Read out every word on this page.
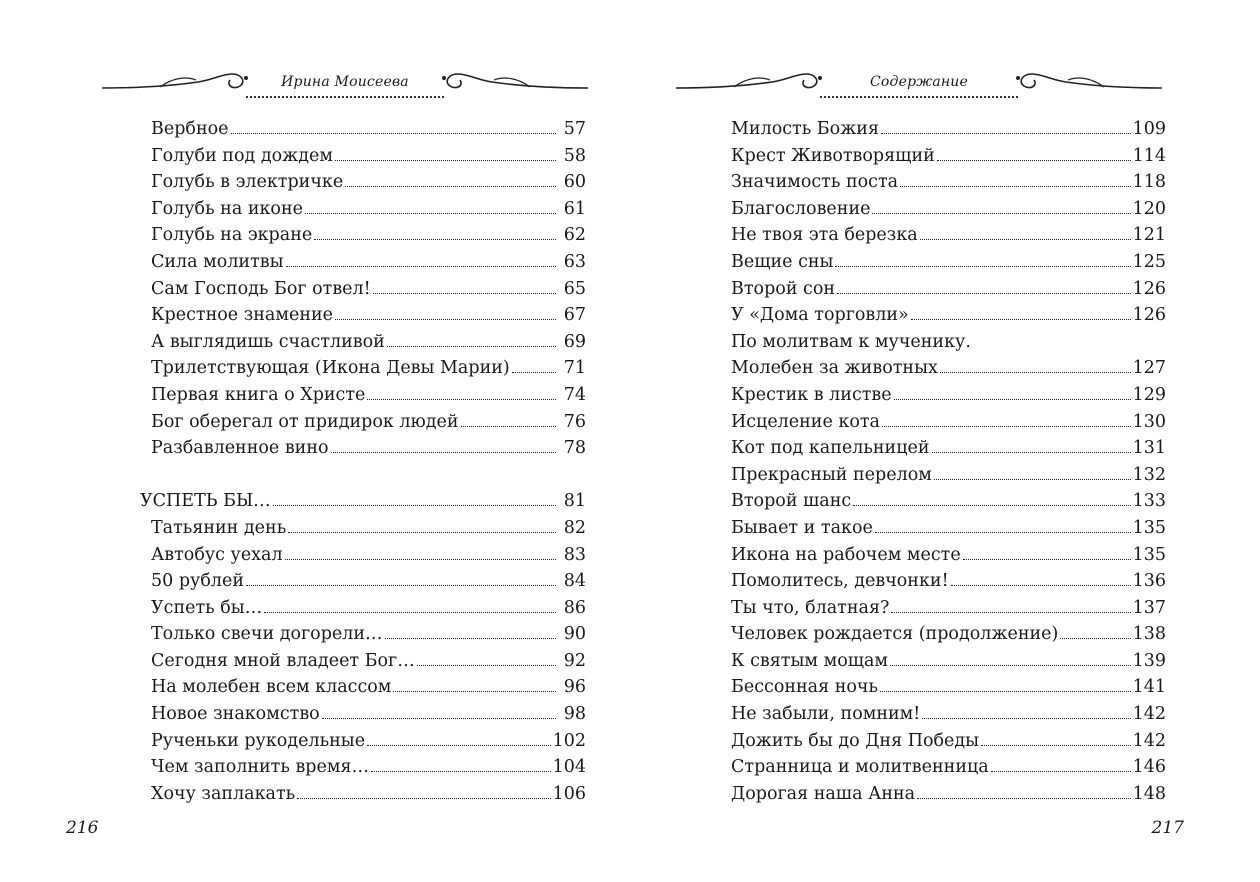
Ирина Моисеева
Вербное	57
Голуби под дождем	58
Голубь в электричке	60
Голубь на иконе	61
Голубь на экране	62
Сила молитвы	63
Сам Господь Бог отвел!	65
Крестное знамение	67
А выглядишь счастливой	69
Трилетствующая (Икона Девы Марии)	71
Первая книга о Христе	74
Бог оберегал от придирок людей	76
Разбавленное вино	78
УСПЕТЬ БЫ…	81
Татьянин день	82
Автобус уехал	83
50 рублей	84
Успеть бы…	86
Только свечи догорели…	90
Сегодня мной владеет Бог…	92
На молебен всем классом	96
Новое знакомство	98
Рученьки рукодельные	102
Чем заполнить время…	104
Хочу заплакать	106
216
Содержание
Милость Божия	109
Крест Животворящий	114
Значимость поста	118
Благословение	120
Не твоя эта березка	121
Вещие сны	125
Второй сон	126
У «Дома торговли»	126
По молитвам к мученику.
Молебен за животных	127
Крестик в листве	129
Исцеление кота	130
Кот под капельницей	131
Прекрасный перелом	132
Второй шанс	133
Бывает и такое	135
Икона на рабочем месте	135
Помолитесь, девчонки!	136
Ты что, блатная?	137
Человек рождается (продолжение)	138
К святым мощам	139
Бессонная ночь	141
Не забыли, помним!	142
Дожить бы до Дня Победы	142
Странница и молитвенница	146
Дорогая наша Анна	148
217
